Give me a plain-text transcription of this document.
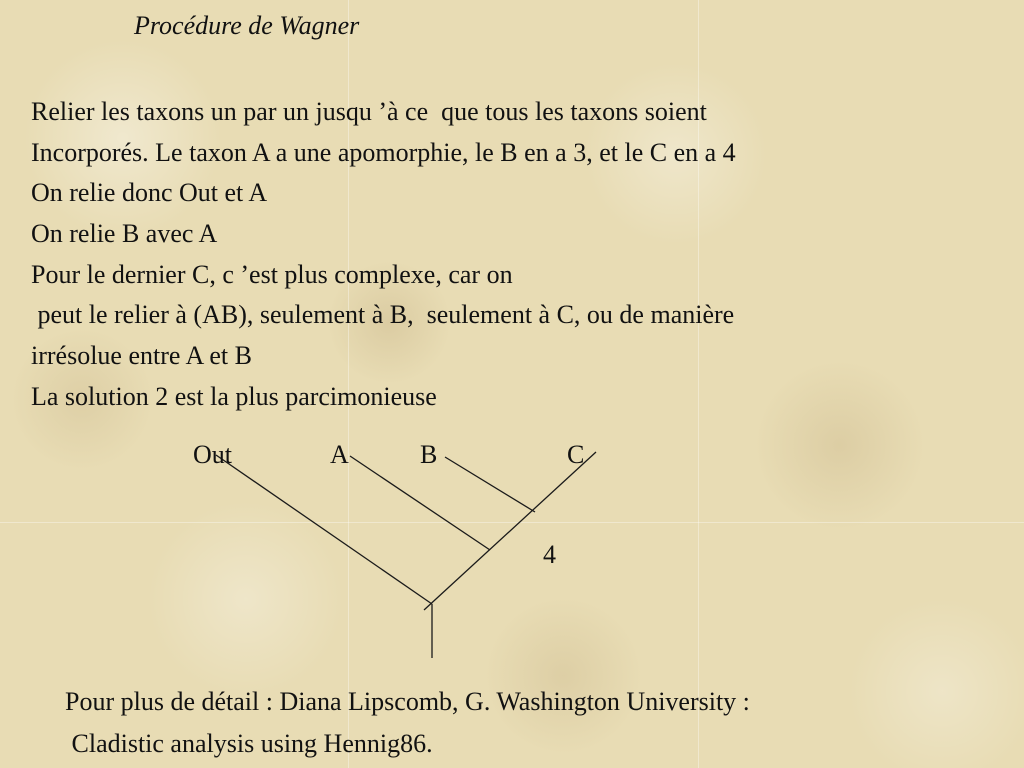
Procédure de Wagner
Relier les taxons un par un jusqu ’à ce  que tous les taxons soient
Incorporés. Le taxon A a une apomorphie, le B en a 3, et le C en a 4
On relie donc Out et A
On relie B avec A
Pour le dernier C, c ’est plus complexe, car on
peut le relier à (AB), seulement à B,  seulement à C, ou de manière
irrésolue entre A et B
La solution 2 est la plus parcimonieuse
Out	A	B	C
4
Pour plus de détail : Diana Lipscomb, G. Washington University :
Cladistic analysis using Hennig86.
